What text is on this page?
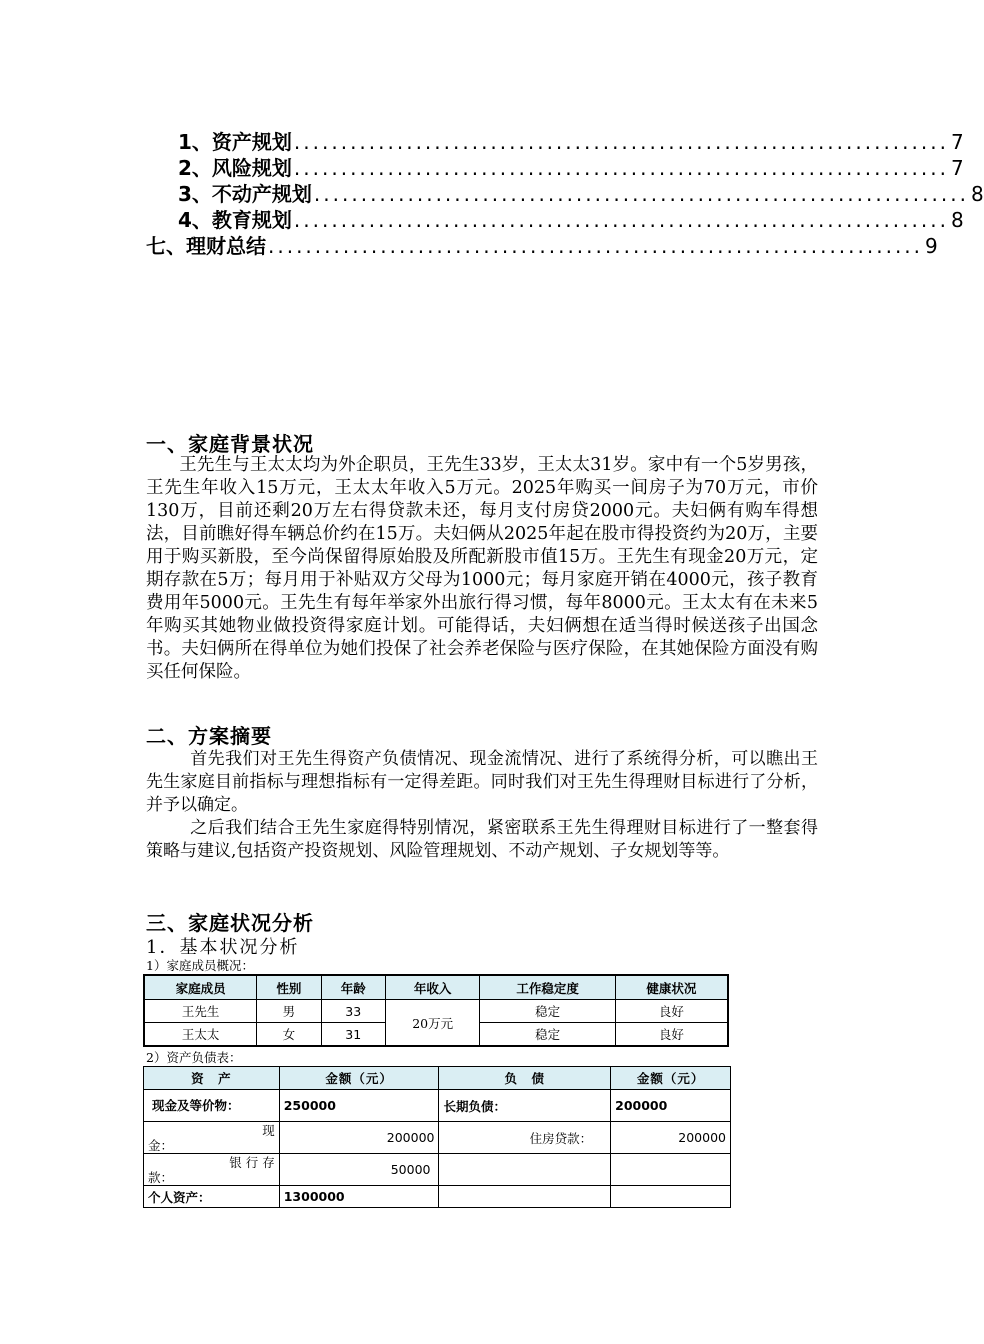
1、资产规划 ...................................................................... 7
2、风险规划 ...................................................................... 7
3、不动产规划 ...................................................................... 8
4、教育规划 ...................................................................... 8
七、理财总结 ...................................................................... 9
一、家庭背景状况
王先生与王太太均为外企职员，王先生33岁，王太太31岁。家中有一个5岁男孩，王先生年收入15万元，王太太年收入5万元。2025年购买一间房子为70万元，市价130万，目前还剩20万左右得贷款未还，每月支付房贷2000元。夫妇俩有购车得想法，目前瞧好得车辆总价约在15万。夫妇俩从2025年起在股市得投资约为20万，主要用于购买新股，至今尚保留得原始股及所配新股市值15万。王先生有现金20万元，定期存款在5万；每月用于补贴双方父母为1000元；每月家庭开销在4000元，孩子教育费用年5000元。王先生有每年举家外出旅行得习惯，每年8000元。王太太有在未来5年购买其她物业做投资得家庭计划。可能得话，夫妇俩想在适当得时候送孩子出国念书。夫妇俩所在得单位为她们投保了社会养老保险与医疗保险，在其她保险方面没有购买任何保险。
二、方案摘要
首先我们对王先生得资产负债情况、现金流情况、进行了系统得分析，可以瞧出王先生家庭目前指标与理想指标有一定得差距。同时我们对王先生得理财目标进行了分析，并予以确定。
之后我们结合王先生家庭得特别情况，紧密联系王先生得理财目标进行了一整套得策略与建议,包括资产投资规划、风险管理规划、不动产规划、子女规划等等。
三、家庭状况分析
1．基本状况分析
1）家庭成员概况：
家庭成员	性别	年龄	年收入	工作稳定度	健康状况
王先生	男	33	20万元	稳定	良好
王太太	女	31		稳定	良好
2）资产负债表：
资　产	金额（元）	负　债	金额（元）
现金及等价物：	250000	长期负债：	200000

现
金：	200000	住房贷款：	200000

银 行 存
款：	50000		
个人资产：	1300000		
